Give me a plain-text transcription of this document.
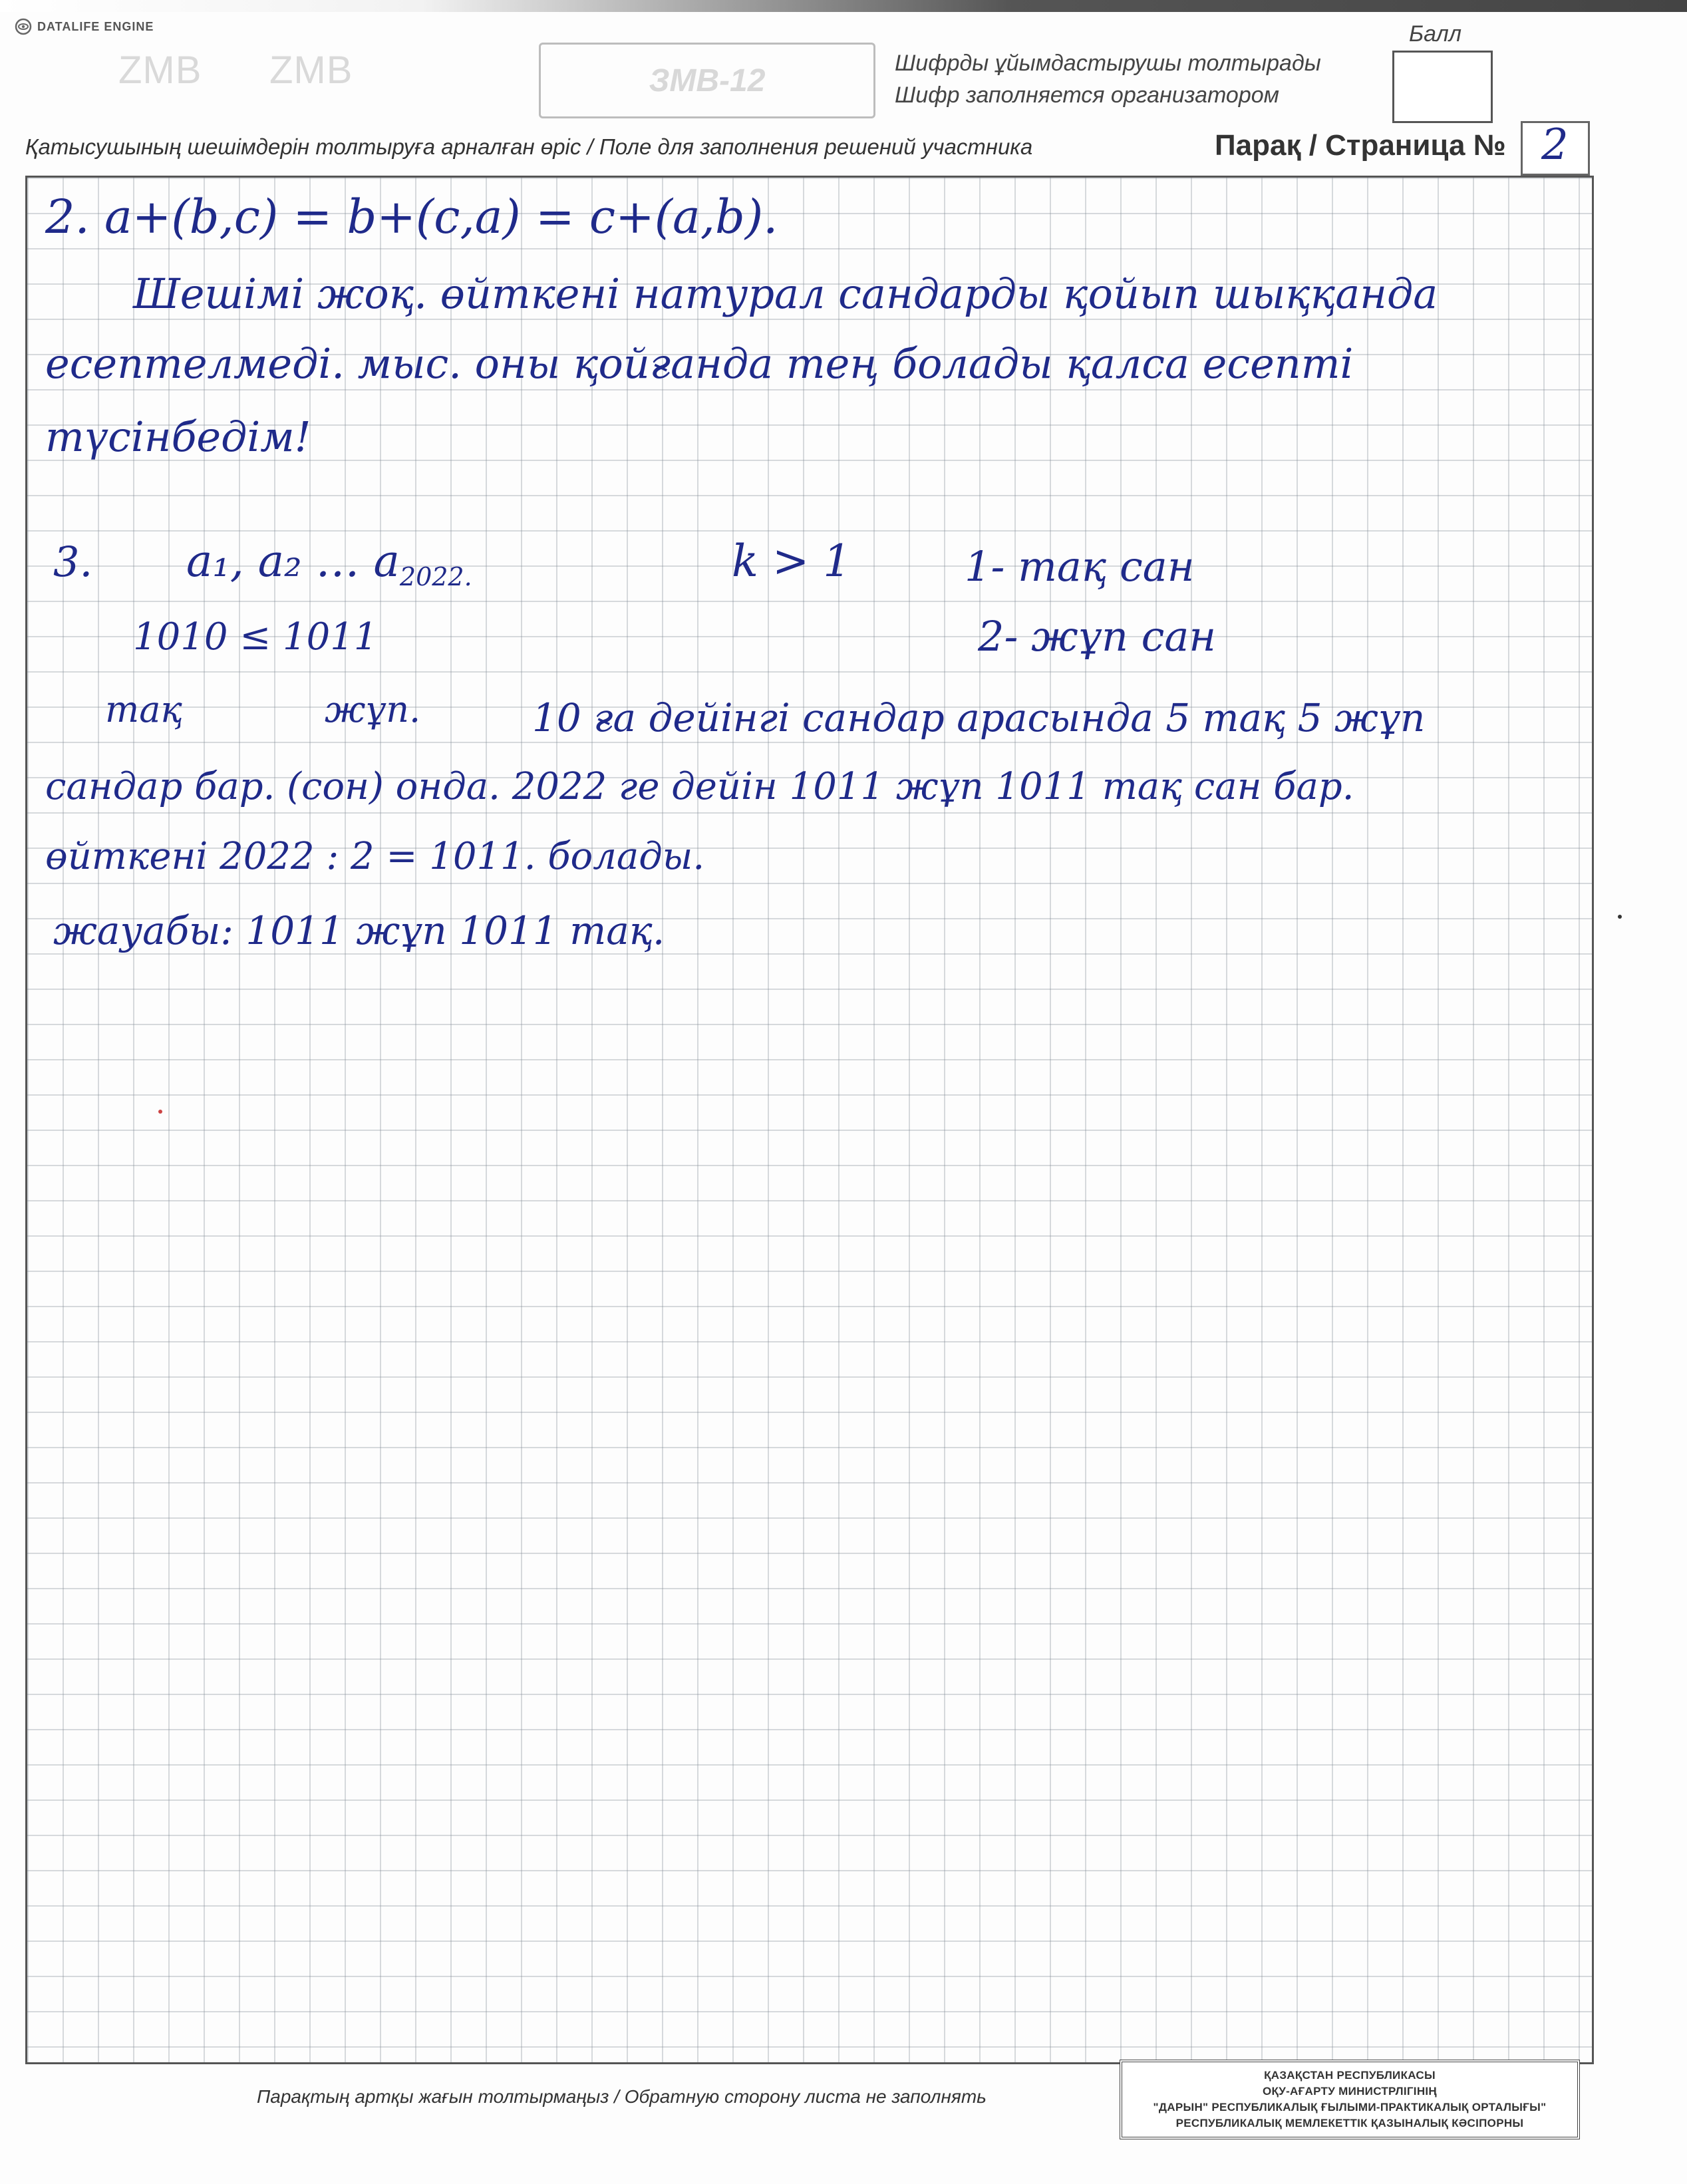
DATALIFE ENGINE
ZMB ZMB	ЗМВ-12	Шифрды ұйымдастырушы толтырады
Шифр заполняется организатором
Балл
Қатысушының шешімдерін толтыруға арналған өріс / Поле для заполнения решений участника	Парақ / Страница № 2
2. a+(b,c) = b+(c,a) = c+(a,b).
Шешімі жоқ. өйткені натурал сандарды қойып шыққанда
есептелмеді. мыс. оны қойғанда тең болады қалса есепті
түсінбедім!
3. a₁, a₂ … $a_{2022.}$	k > 1	1- тақ сан
2- жұп сан
1010 ≤ 1011
тақ	жұп.	10 ға дейінгі сандар арасында 5 тақ 5 жұп
сандар бар. (сон) онда. 2022 ге дейін 1011 жұп 1011 тақ сан бар.
өйткені 2022 : 2 = 1011. болады.
жауабы: 1011 жұп 1011 тақ.
Парақтың артқы жағын толтырмаңыз / Обратную сторону листа не заполнять
ҚАЗАҚСТАН РЕСПУБЛИКАСЫ
ОҚУ-АҒАРТУ МИНИСТРЛІГІНІҢ
"ДАРЫН" РЕСПУБЛИКАЛЫҚ ҒЫЛЫМИ-ПРАКТИКАЛЫҚ ОРТАЛЫҒЫ"
РЕСПУБЛИКАЛЫҚ МЕМЛЕКЕТТІК ҚАЗЫНАЛЫҚ КӘСІПОРНЫ
